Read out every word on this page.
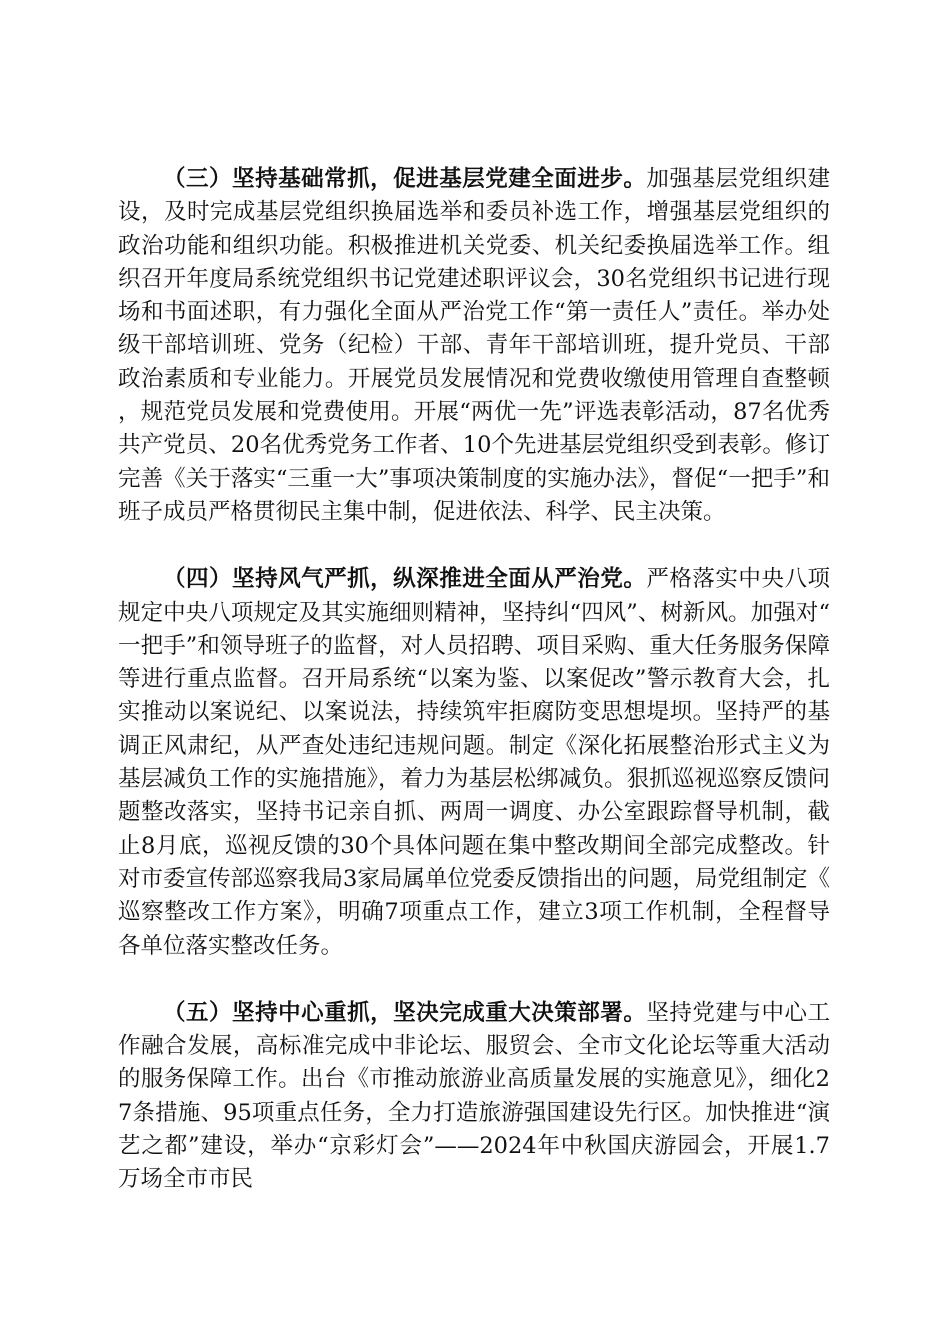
（三）坚持基础常抓，促进基层党建全面进步。加强基层党组织建设，及时完成基层党组织换届选举和委员补选工作，增强基层党组织的政治功能和组织功能。积极推进机关党委、机关纪委换届选举工作。组织召开年度局系统党组织书记党建述职评议会，30名党组织书记进行现场和书面述职，有力强化全面从严治党工作“第一责任人”责任。举办处级干部培训班、党务（纪检）干部、青年干部培训班，提升党员、干部政治素质和专业能力。开展党员发展情况和党费收缴使用管理自查整顿，规范党员发展和党费使用。开展“两优一先”评选表彰活动，87名优秀共产党员、20名优秀党务工作者、10个先进基层党组织受到表彰。修订完善《关于落实“三重一大”事项决策制度的实施办法》，督促“一把手”和班子成员严格贯彻民主集中制，促进依法、科学、民主决策。

（四）坚持风气严抓，纵深推进全面从严治党。严格落实中央八项规定中央八项规定及其实施细则精神，坚持纠“四风”、树新风。加强对“一把手”和领导班子的监督，对人员招聘、项目采购、重大任务服务保障等进行重点监督。召开局系统“以案为鉴、以案促改”警示教育大会，扎实推动以案说纪、以案说法，持续筑牢拒腐防变思想堤坝。坚持严的基调正风肃纪，从严查处违纪违规问题。制定《深化拓展整治形式主义为基层减负工作的实施措施》，着力为基层松绑减负。狠抓巡视巡察反馈问题整改落实，坚持书记亲自抓、两周一调度、办公室跟踪督导机制，截止8月底，巡视反馈的30个具体问题在集中整改期间全部完成整改。针对市委宣传部巡察我局3家局属单位党委反馈指出的问题，局党组制定《巡察整改工作方案》，明确7项重点工作，建立3项工作机制，全程督导各单位落实整改任务。

（五）坚持中心重抓，坚决完成重大决策部署。坚持党建与中心工作融合发展，高标准完成中非论坛、服贸会、全市文化论坛等重大活动的服务保障工作。出台《市推动旅游业高质量发展的实施意见》，细化27条措施、95项重点任务，全力打造旅游强国建设先行区。加快推进“演艺之都”建设，举办“京彩灯会”——2024年中秋国庆游园会，开展1.7万场全市市民
